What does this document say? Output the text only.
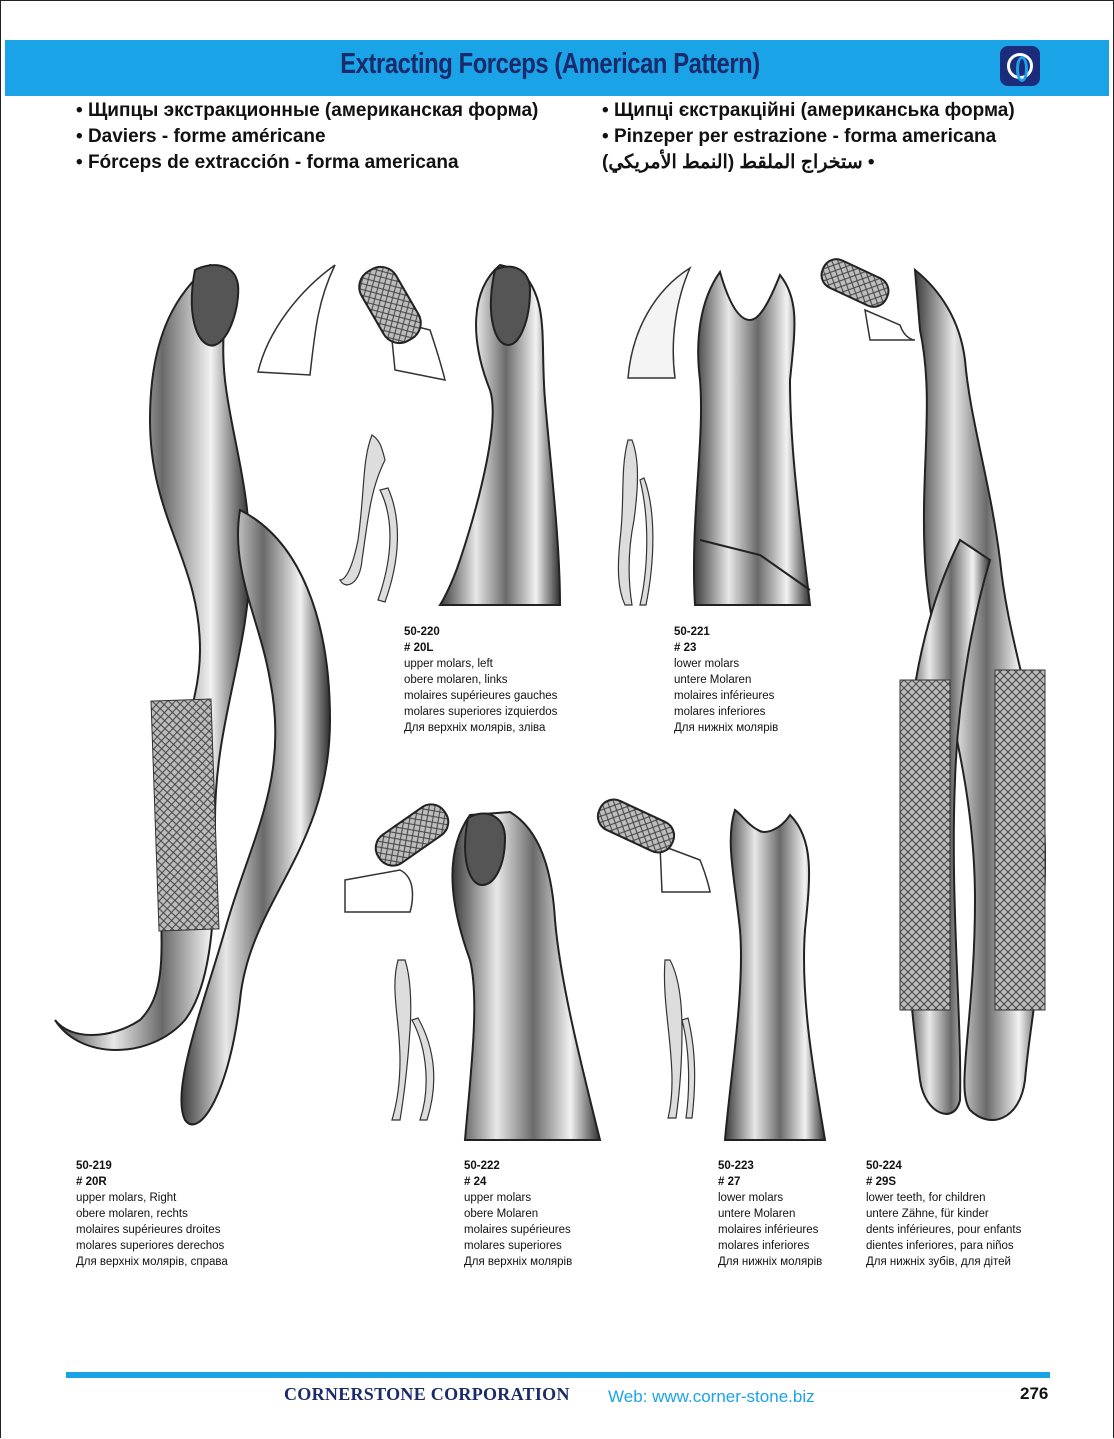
Extracting Forceps (American Pattern)
• Щипцы экстракционные (американская форма)
• Daviers - forme américane
• Fórceps de extracción - forma americana
• Щипці єкстракційні (американська форма)
• Pinzeper per estrazione - forma americana
• ستخراج الملقط (النمط الأمريكي)
50-220
# 20L
upper molars, left
obere molaren, links
molaires supérieures gauches
molares superiores izquierdos
Для верхніх молярів, зліва
50-221
# 23
lower molars
untere Molaren
molaires inférieures
molares inferiores
Для нижніх молярів
50-219
# 20R
upper molars, Right
obere molaren, rechts
molaires supérieures droites
molares superiores derechos
Для верхніх молярів, справа
50-222
# 24
upper molars
obere Molaren
molaires supérieures
molares superiores
Для верхніх молярів
50-223
# 27
lower molars
untere Molaren
molaires inférieures
molares inferiores
Для нижніх молярів
50-224
# 29S
lower teeth, for children
untere Zähne, für kinder
dents inférieures, pour enfants
dientes inferiores, para niños
Для нижніх зубів, для дітей
CORNERSTONE CORPORATION Web: www.corner-stone.biz	276
